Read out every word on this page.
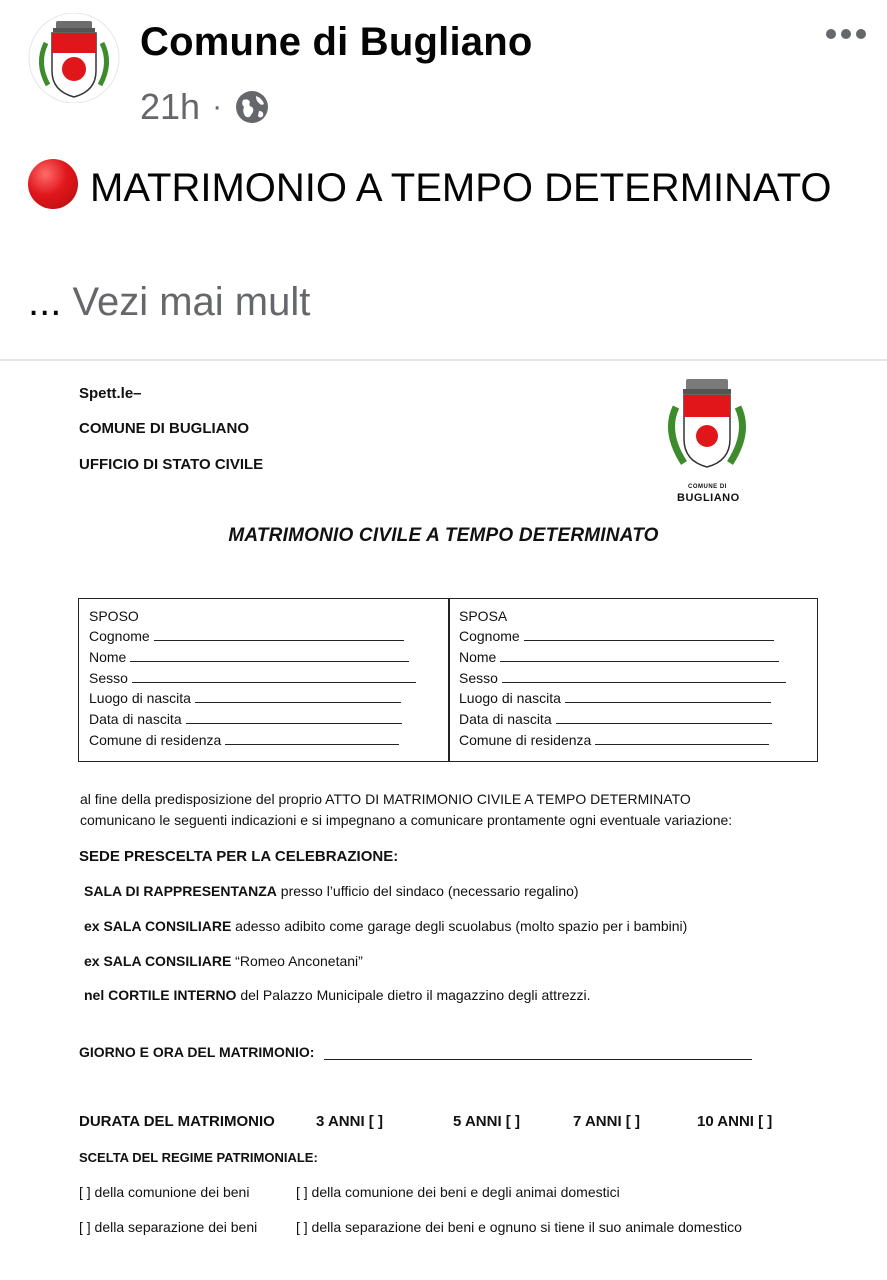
Comune di Bugliano
21h ·
MATRIMONIO A TEMPO DETERMINATO
... Vezi mai mult
Spett.le–
COMUNE DI BUGLIANO
UFFICIO DI STATO CIVILE
COMUNE DI
BUGLIANO
MATRIMONIO CIVILE A TEMPO DETERMINATO
SPOSO
Cognome
Nome
Sesso
Luogo di nascita
Data di nascita
Comune di residenza
SPOSA
Cognome
Nome
Sesso
Luogo di nascita
Data di nascita
Comune di residenza
al fine della predisposizione del proprio ATTO DI MATRIMONIO CIVILE A TEMPO DETERMINATO
comunicano le seguenti indicazioni e si impegnano a comunicare prontamente ogni eventuale variazione:
SEDE PRESCELTA PER LA CELEBRAZIONE:
SALA DI RAPPRESENTANZA presso l’ufficio del sindaco (necessario regalino)
ex SALA CONSILIARE adesso adibito come garage degli scuolabus (molto spazio per i bambini)
ex SALA CONSILIARE “Romeo Anconetani”
nel CORTILE INTERNO del Palazzo Municipale dietro il magazzino degli attrezzi.
GIORNO E ORA DEL MATRIMONIO:
DURATA DEL MATRIMONIO	3 ANNI [ ]	5 ANNI [ ]	7 ANNI [ ]	10 ANNI [ ]
SCELTA DEL REGIME PATRIMONIALE:
[ ] della comunione dei beni	[ ] della comunione dei beni e degli animai domestici
[ ] della separazione dei beni	[ ] della separazione dei beni e ognuno si tiene il suo animale domestico
